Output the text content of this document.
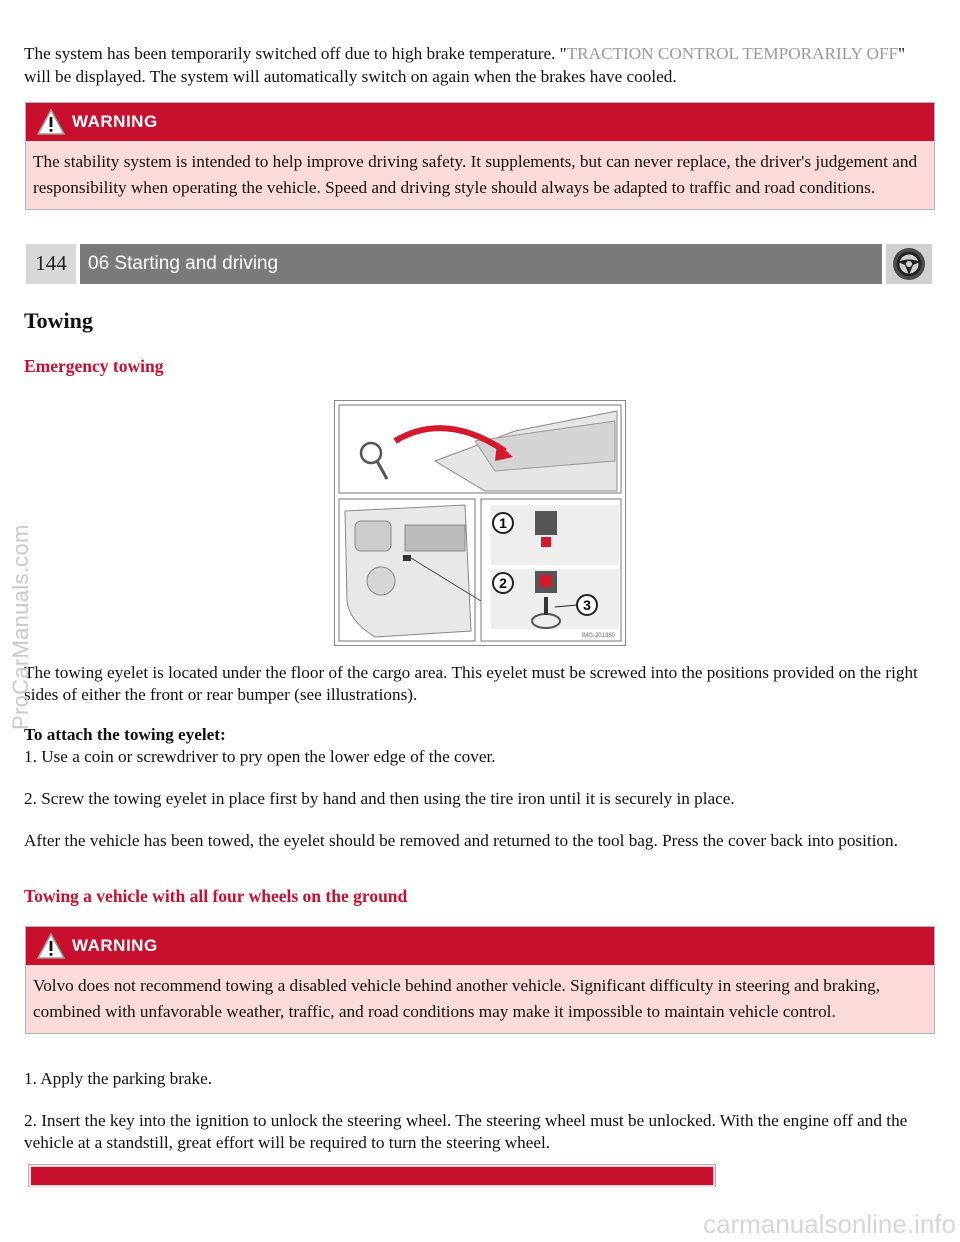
The system has been temporarily switched off due to high brake temperature. "TRACTION CONTROL TEMPORARILY OFF" will be displayed. The system will automatically switch on again when the brakes have cooled.

WARNING
The stability system is intended to help improve driving safety. It supplements, but can never replace, the driver's judgement and responsibility when operating the vehicle. Speed and driving style should always be adapted to traffic and road conditions.
144	06 Starting and driving
Towing
Emergency towing

The towing eyelet is located under the floor of the cargo area. This eyelet must be screwed into the positions provided on the right sides of either the front or rear bumper (see illustrations).

To attach the towing eyelet:

1. Use a coin or screwdriver to pry open the lower edge of the cover.

2. Screw the towing eyelet in place first by hand and then using the tire iron until it is securely in place.

After the vehicle has been towed, the eyelet should be removed and returned to the tool bag. Press the cover back into position.

Towing a vehicle with all four wheels on the ground
WARNING
Volvo does not recommend towing a disabled vehicle behind another vehicle. Significant difficulty in steering and braking, combined with unfavorable weather, traffic, and road conditions may make it impossible to maintain vehicle control.

1. Apply the parking brake.

2. Insert the key into the ignition to unlock the steering wheel. The steering wheel must be unlocked. With the engine off and the vehicle at a standstill, great effort will be required to turn the steering wheel.

1
2
3
IMG-201380
ProCarManuals.com
carmanualsonline.info
